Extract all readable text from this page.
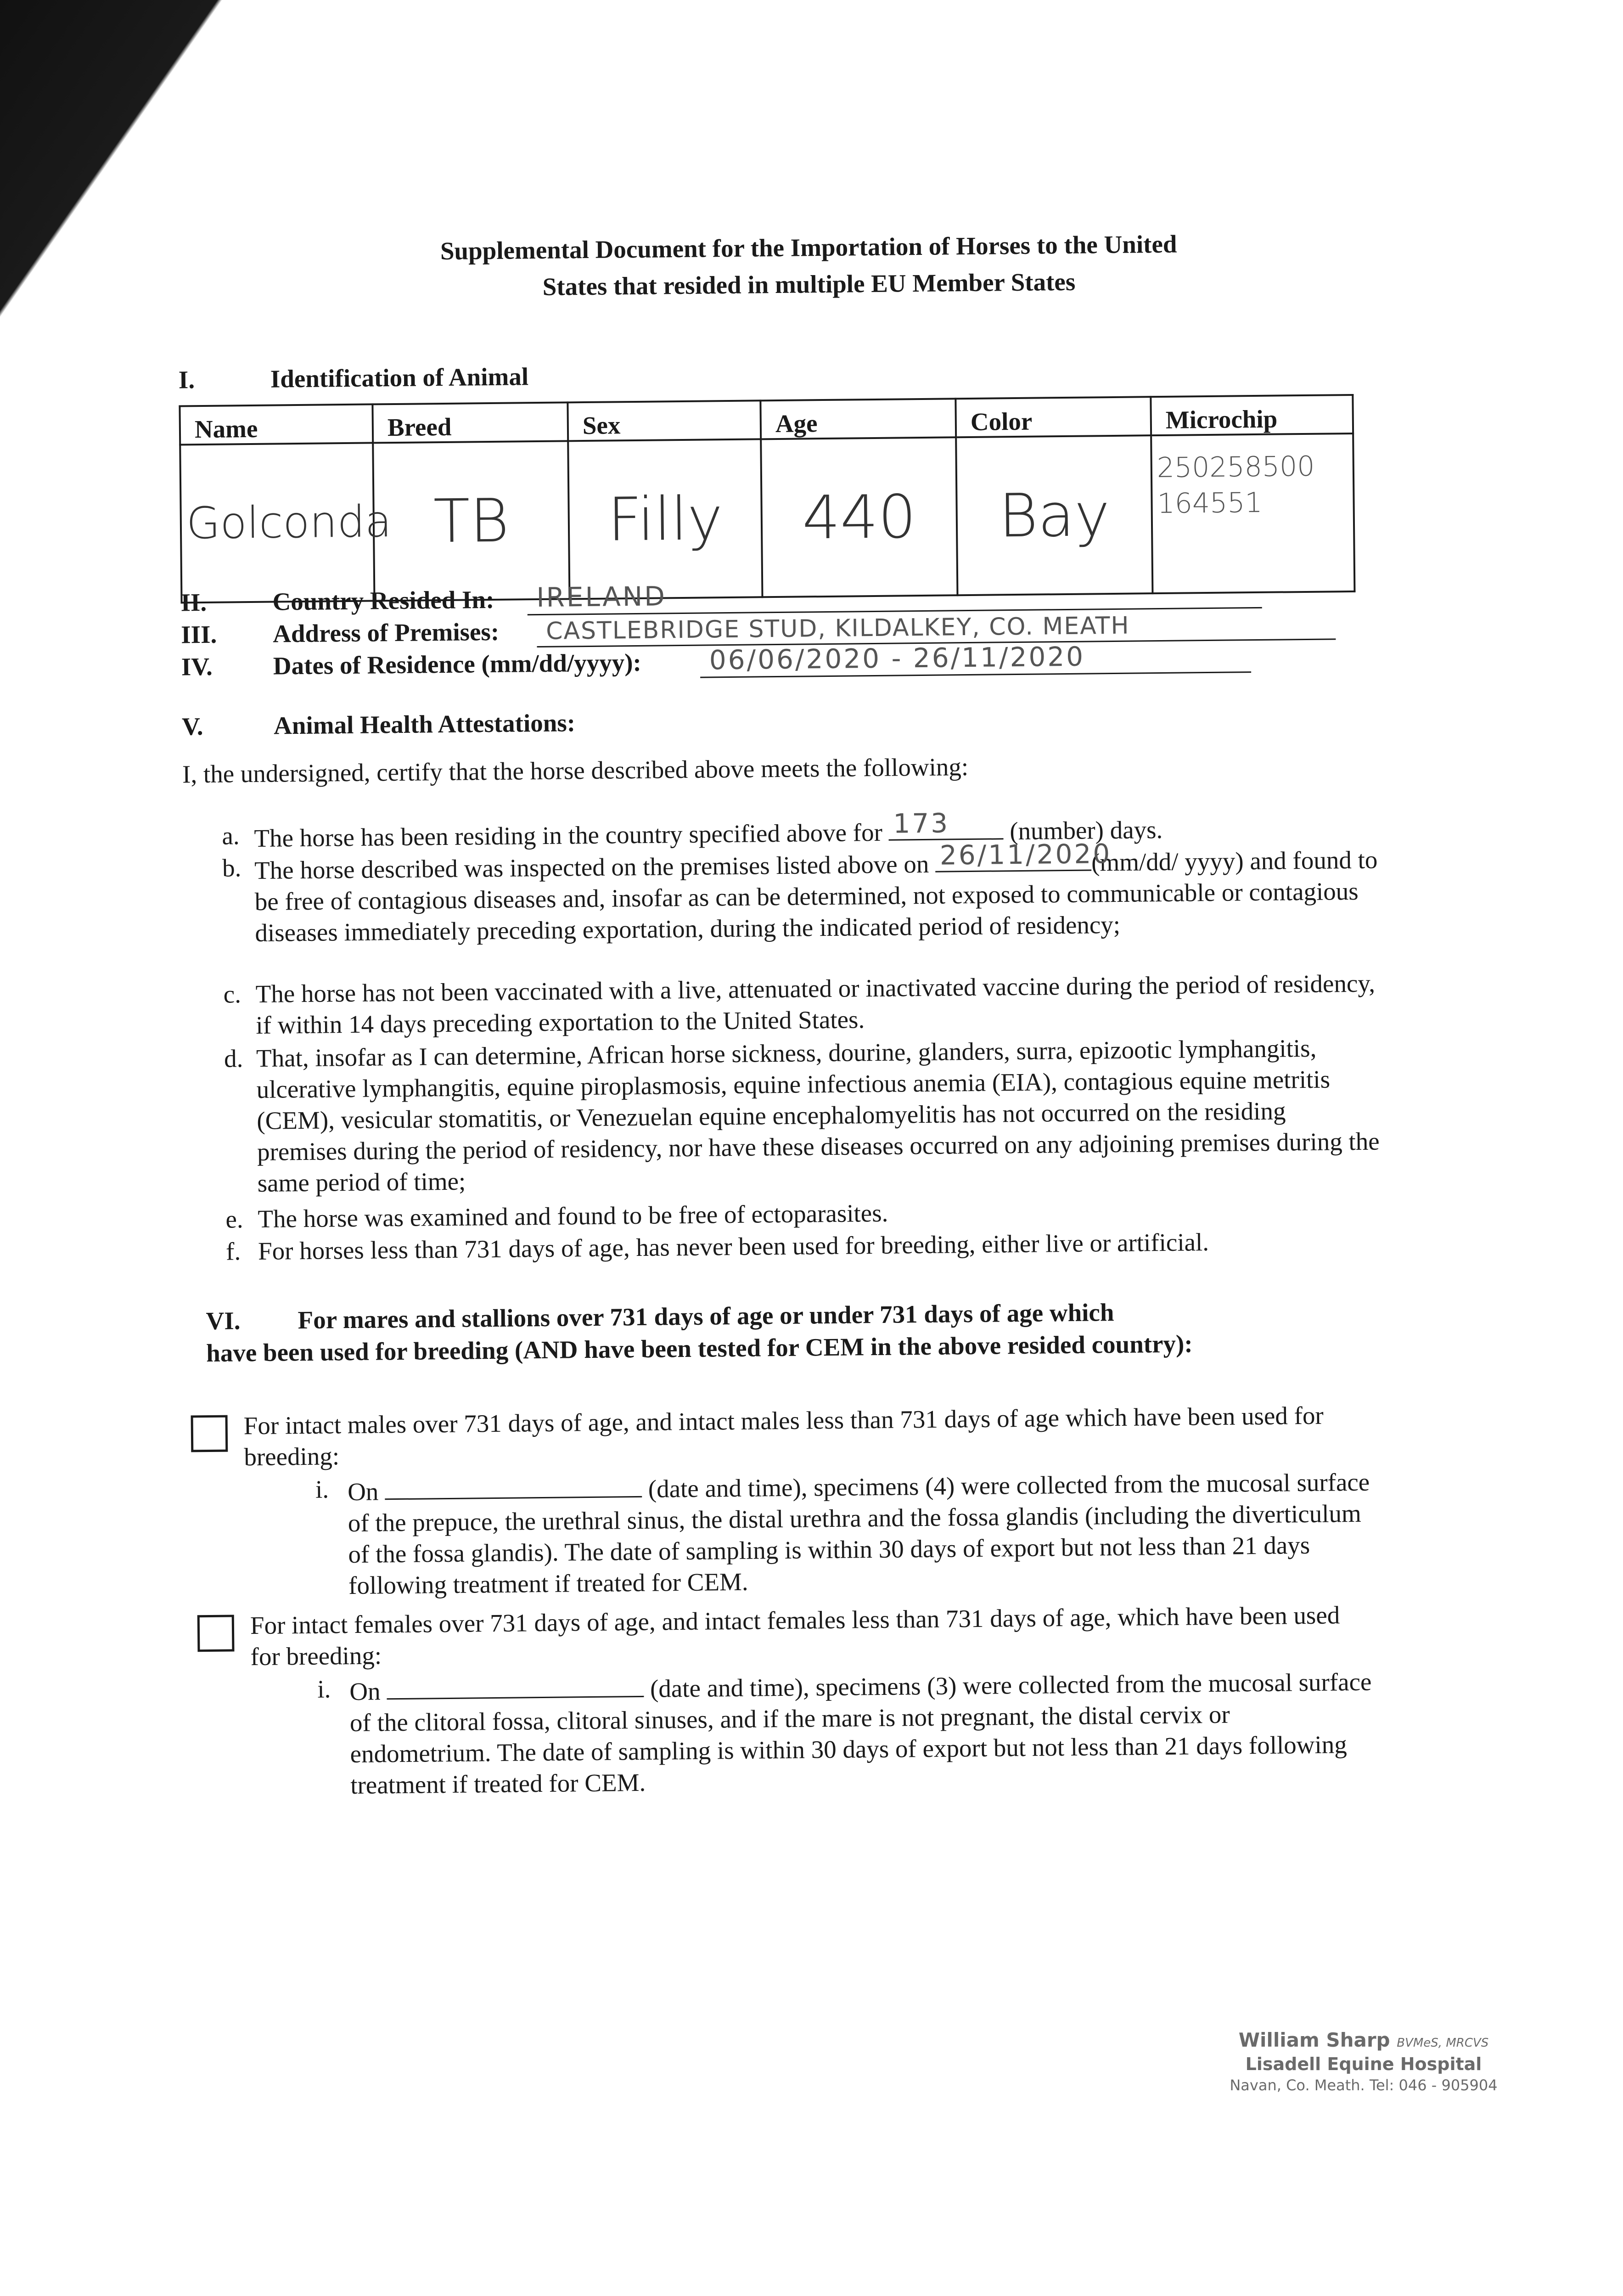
Supplemental Document for the Importation of Horses to the United
States that resided in multiple EU Member States
I.	Identification of Animal
Name	Breed	Sex	Age	Color	Microchip
Golconda	TB	Filly	440	Bay	250258500
164551
II.	Country Resided In: IRELAND
III. Address of Premises: CASTLEBRIDGE STUD, KILDALKEY, CO. MEATH
IV. Dates of Residence (mm/dd/yyyy):	06/06/2020 - 26/11/2020
V.	Animal Health Attestations:
I, the undersigned, certify that the horse described above meets the following:
a. The horse has been residing in the country specified above for 173 (number) days.
b. The horse described was inspected on the premises listed above on 26/11/2020
(mm/dd/ yyyy) and found to be free of contagious diseases and, insofar as can be determined, not exposed to communicable or contagious diseases immediately preceding exportation, during the indicated period of residency;
c. The horse has not been vaccinated with a live, attenuated or inactivated vaccine during the period of residency, if within 14 days preceding exportation to the United States.
d. That, insofar as I can determine, African horse sickness, dourine, glanders, surra, epizootic lymphangitis, ulcerative lymphangitis, equine piroplasmosis, equine infectious anemia (EIA), contagious equine metritis (CEM), vesicular stomatitis, or Venezuelan equine encephalomyelitis has not occurred on the residing premises during the period of residency, nor have these diseases occurred on any adjoining premises during the same period of time;
e. The horse was examined and found to be free of ectoparasites.
f. For horses less than 731 days of age, has never been used for breeding, either live or artificial.
VI. For mares and stallions over 731 days of age or under 731 days of age which
have been used for breeding (AND have been tested for CEM in the above resided country):
For intact males over 731 days of age, and intact males less than 731 days of age which have been used for breeding:
i. On	(date and time), specimens (4) were collected from the mucosal surface of the prepuce, the urethral sinus, the distal urethra and the fossa glandis (including the diverticulum of the fossa glandis). The date of sampling is within 30 days of export but not less than 21 days following treatment if treated for CEM.
For intact females over 731 days of age, and intact females less than 731 days of age, which have been used for breeding:
i. On	(date and time), specimens (3) were collected from the mucosal surface of the clitoral fossa, clitoral sinuses, and if the mare is not pregnant, the distal cervix or endometrium. The date of sampling is within 30 days of export but not less than 21 days following treatment if treated for CEM.
William Sharp BVMeS, MRCVS
Lisadell Equine Hospital
Navan, Co. Meath. Tel: 046 - 905904
